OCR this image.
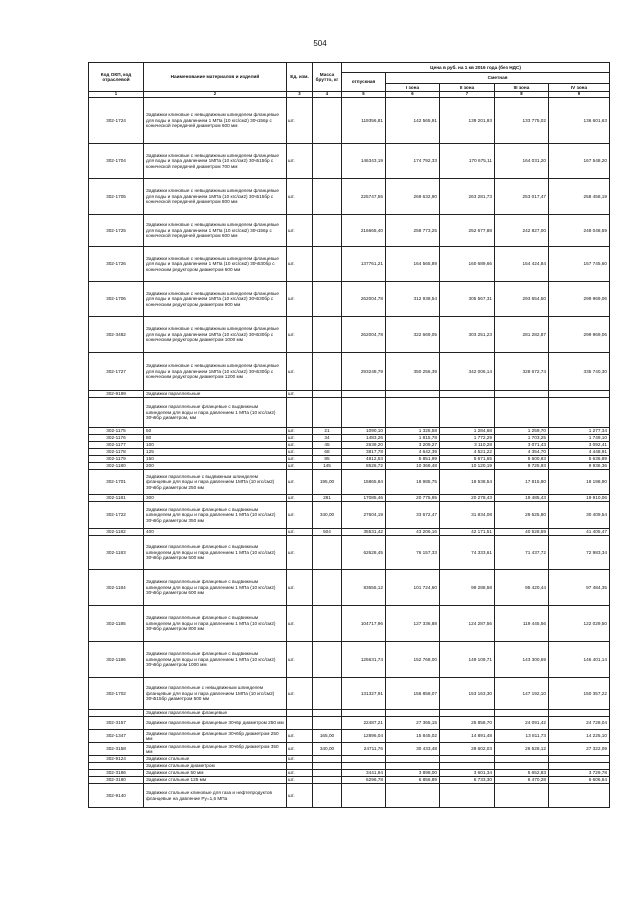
504
Код ОКП, код отраслевой	Наименование материалов и изделий	Ед. изм.	Масса брутто, кг	Цена в руб. на 1 кв 2016 года (без НДС)				
				отпускная	Сметная			
					I зона	II зона	III зона	IV зона
1	2	3	4	5	6	7	8	9
302-1724	Задвижки клиновые с невыдвижным шпинделем фланцевые для воды и пара давлением 1 МПа (10 кгс/см2) 30ч156р с конической передачей диаметром 600 мм	шт.		119356,81	142 565,91	139 201,93	133 775,02	136 601,63
302-1704	Задвижки клиновые с невыдвижным шпинделем фланцевые для воды и пара давлением 1МПа (10 кгс/см2) 30ч515бр с конической передачей диаметром 700 мм	шт.		146343,19	174 792,33	170 675,11	164 031,20	167 548,20
302-1705	Задвижки клиновые с невыдвижным шпинделем фланцевые для воды и пара давлением 1МПа (10 кгс/см2) 30ч515бр с конической передачей диаметром 800 мм	шт.		225747,55	269 632,90	263 281,73	253 017,47	258 458,19
302-1725	Задвижки клиновые с невыдвижным шпинделем фланцевые для воды и пара давлением 1 МПа (10 кгс/см2) 30ч156р с конической передачей диаметром 600 мм	шт.		216665,40	258 773,25	252 677,88	242 827,00	248 048,59
302-1726	Задвижки клиновые с невыдвижным шпинделем фланцевые для воды и пара давлением 1 МПа (10 кгс/см2) 30ч530бр с коническим редуктором диаметром 600 мм	шт.		137761,21	164 565,89	160 689,66	154 424,84	157 745,60
302-1706	Задвижки клиновые с невыдвижным шпинделем фланцевые для воды и пара давлением 1МПа (10 кгс/см2) 30ч530бр с коническим редуктором диаметром 900 мм	шт.		262004,78	312 938,54	305 567,31	293 654,50	299 969,06
302-3482	Задвижки клиновые с невыдвижным шпинделем фланцевые для воды и пара давлением 1МПа (10 кгс/см2) 30ч530бр с коническим редуктором диаметром 1000 мм	шт.		262004,78	322 669,05	303 251,23	281 282,87	299 969,06
302-1727	Задвижки клиновые с невыдвижным шпинделем фланцевые для воды и пара давлением 1МПа (10 кгс/см2) 30ч530бр с коническим редуктором диаметром 1200 мм	шт.		293248,79	350 256,39	342 006,14	328 672,74	335 740,30
302-9199	Задвижки параллельные	шт.						
	Задвижки параллельные фланцевые с выдвижным шпинделем для воды и пара давлением 1 МПа (10 кгс/см2) 30ч6бр диаметром, мм							
302-1175	50	шт.	21	1090,10	1 325,58	1 284,68	1 259,70	1 277,34
302-1176	80	шт.	34	1483,26	1 815,78	1 772,29	1 703,25	1 749,10
302-1177	100	шт.	45	2639,20	3 209,27	3 110,28	3 071,43	3 092,41
302-1178	125	шт.	68	3817,78	4 642,39	4 521,22	4 354,70	4 448,91
302-1179	150	шт.	85	4812,53	5 851,99	5 671,65	5 600,83	5 636,89
302-1180	200	шт.	145	8526,72	10 368,48	10 120,19	9 725,93	9 936,36
302-1701	Задвижки параллельные с выдвижным шпинделем фланцевые для воды и пара давлением 1МПа (10 кгс/см2) 30ч6бр диаметром 250 мм	шт.	195,00	15865,84	18 985,75	18 538,54	17 815,80	18 198,90
302-1181	300	шт.	281	17085,46	20 775,95	20 278,43	19 485,43	19 910,06
302-1722	Задвижки параллельные фланцевые с выдвижным шпинделем для воды и пара давлением 1 МПа (10 кгс/см2) 30ч6бр диаметром 350 мм	шт.	340,00	27604,19	33 672,47	31 834,08	29 525,80	30 409,54
302-1182	400	шт.	504	35531,42	43 206,16	42 171,51	40 528,59	41 405,47
302-1183	Задвижки параллельные фланцевые с выдвижным шпинделем для воды и пара давлением 1 МПа (10 кгс/см2) 30ч6бр диаметром 500 мм	шт.		62628,45	76 157,33	74 333,61	71 437,72	72 983,34
302-1184	Задвижки параллельные фланцевые с выдвижным шпинделем для воды и пара давлением 1 МПа (10 кгс/см2) 30ч6бр диаметром 600 мм	шт.		83655,12	101 724,60	99 288,58	95 420,44	97 484,35
302-1185	Задвижки параллельные фланцевые с выдвижным шпинделем для воды и пара давлением 1 МПа (10 кгс/см2) 30ч6бр диаметром 800 мм	шт.		104717,96	127 336,88	124 287,56	119 445,56	122 029,50
302-1186	Задвижки параллельные фланцевые с выдвижным шпинделем для воды и пара давлением 1 МПа (10 кгс/см2) 30ч6бр диаметром 1000 мм	шт.		125631,74	152 768,00	149 109,71	143 300,69	146 401,14
302-1702	Задвижки параллельные с невыдвижным шпинделем фланцевые для воды и пара давлением 1МПа (10 кгс/см2) 30ч515бр диаметром 500 мм	шт.		131327,91	156 858,07	153 163,30	147 192,10	150 357,22
	Задвижки параллельные фланцевые							
302-3157	Задвижки параллельные фланцевые 30ч6р диаметром 250 мм			22487,21	27 365,15	25 858,70	24 091,42	24 728,04
302-1347	Задвижки параллельные фланцевые 30ч6бр диаметром 250 мм	шт.	165,00	12896,04	15 845,02	14 891,48	13 811,73	14 225,10
302-3158	Задвижки параллельные фланцевые 30ч6бр диаметром 350 мм	шт.	340,00	24711,76	30 433,48	28 602,03	26 528,12	27 322,09
302-9124	Задвижки стальные	шт.						
	Задвижки стальные диаметром							
302-3186	Задвижки стальные 50 мм	шт.		3441,94	3 898,00	3 601,34	5 652,83	3 729,78
302-3180	Задвижки стальные 125 мм	шт.		6296,78	6 856,89	6 733,30	6 470,28	6 606,64
302-9140	Задвижки стальные клиновые для газа и нефтепродуктов фланцевые на давление Ру=1,6 МПа	шт.						
